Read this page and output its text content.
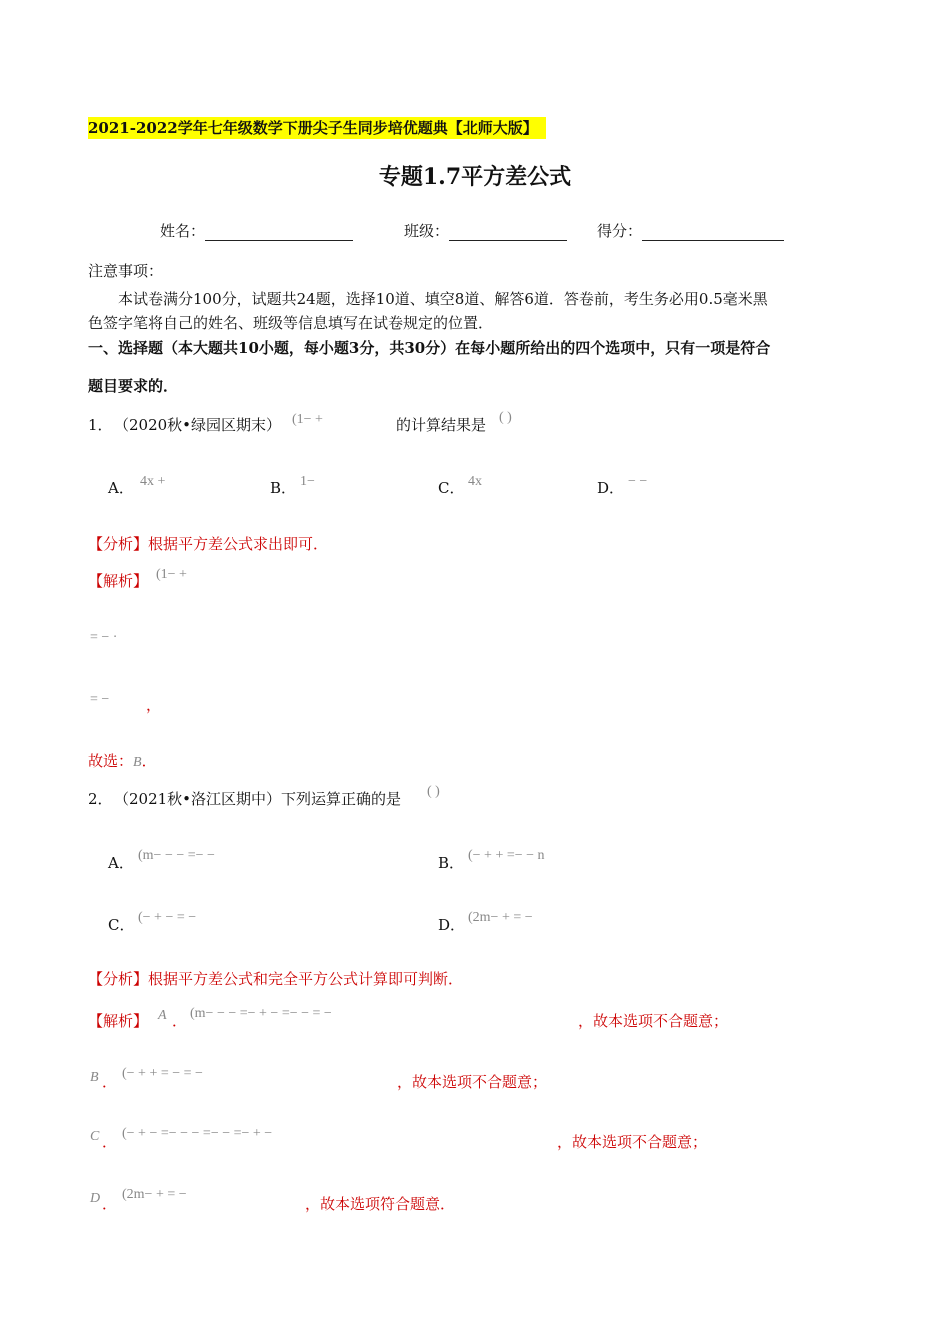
2021-2022学年七年级数学下册尖子生同步培优题典【北师大版】
专题1.7平方差公式
姓名：	班级：	得分：
注意事项：
本试卷满分100分，试题共24题，选择10道、填空8道、解答6道．答卷前，考生务必用0.5毫米黑
色签字笔将自己的姓名、班级等信息填写在试卷规定的位置．
一、选择题（本大题共10小题，每小题3分，共30分）在每小题所给出的四个选项中，只有一项是符合
题目要求的．
1． （2020秋•绿园区期末） (1− +	的计算结果是 ( )
A． 4x +	B． 1−	C． 4x	D． − −
【分析】根据平方差公式求出即可．
【解析】 (1− +
= − ·
= − ，
故选：B．
2． （2021秋•洛江区期中）下列运算正确的是 ( )
A． (m− − − =− −	B． (− + + =− − n
C． (− + − = −	D． (2m− + = −
【分析】根据平方差公式和完全平方公式计算即可判断．
【解析】 A ． (m− − − =− + − =− − = −	，故本选项不合题意；
B ． (− + + = − = −	，故本选项不合题意；
C ． (− + − =− − − =− − =− + −	，故本选项不合题意；
D ．
(2m− + = −
，故本选项符合题意．
